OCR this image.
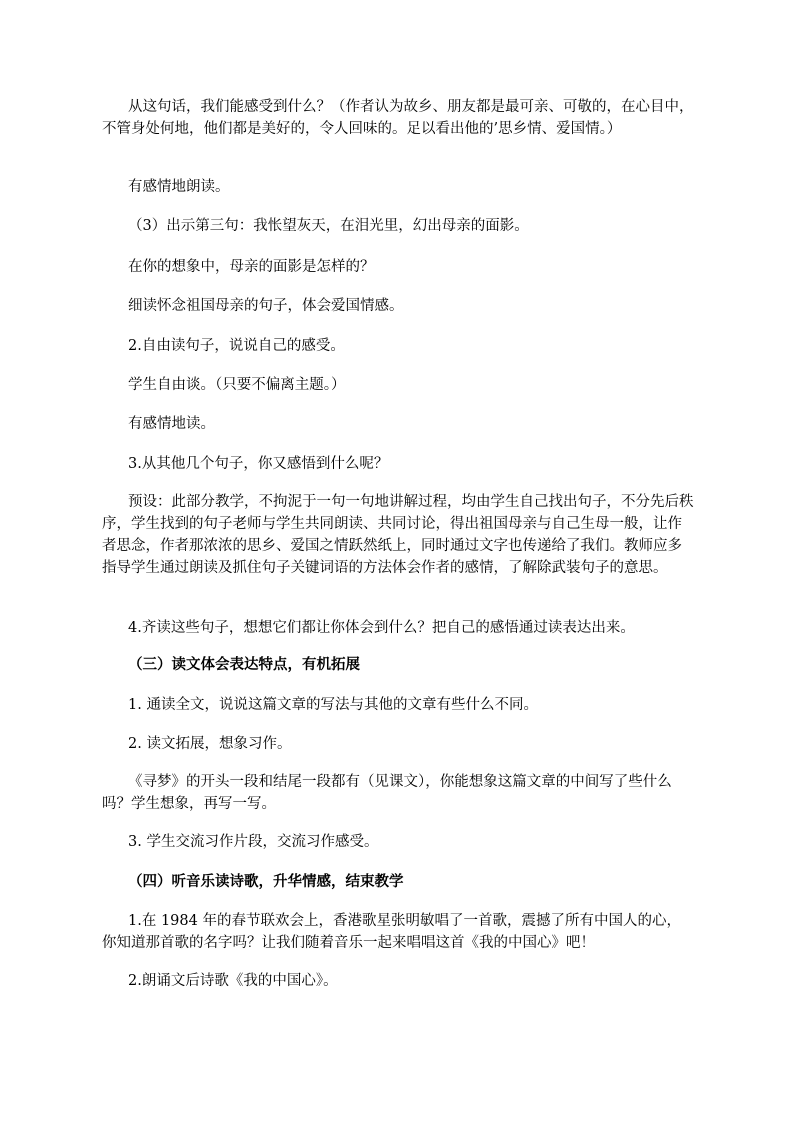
从这句话，我们能感受到什么？（作者认为故乡、朋友都是最可亲、可敬的，在心目中，不管身处何地，他们都是美好的，令人回味的。足以看出他的’思乡情、爱国情。）

有感情地朗读。

（3）出示第三句：我怅望灰天，在泪光里，幻出母亲的面影。

在你的想象中，母亲的面影是怎样的？

细读怀念祖国母亲的句子，体会爱国情感。

2.自由读句子，说说自己的感受。

学生自由谈。（只要不偏离主题。）

有感情地读。

3.从其他几个句子，你又感悟到什么呢？

预设：此部分教学，不拘泥于一句一句地讲解过程，均由学生自己找出句子，不分先后秩序，学生找到的句子老师与学生共同朗读、共同讨论，得出祖国母亲与自己生母一般，让作者思念，作者那浓浓的思乡、爱国之情跃然纸上，同时通过文字也传递给了我们。教师应多指导学生通过朗读及抓住句子关键词语的方法体会作者的感情，了解除武装句子的意思。

4.齐读这些句子，想想它们都让你体会到什么？把自己的感悟通过读表达出来。

（三）读文体会表达特点，有机拓展

1. 通读全文，说说这篇文章的写法与其他的文章有些什么不同。

2. 读文拓展，想象习作。

《寻梦》的开头一段和结尾一段都有（见课文），你能想象这篇文章的中间写了些什么吗？学生想象，再写一写。

3. 学生交流习作片段，交流习作感受。

（四）听音乐读诗歌，升华情感，结束教学

1.在 1984 年的春节联欢会上，香港歌星张明敏唱了一首歌，震撼了所有中国人的心，你知道那首歌的名字吗？让我们随着音乐一起来唱唱这首《我的中国心》吧！

2.朗诵文后诗歌《我的中国心》。
